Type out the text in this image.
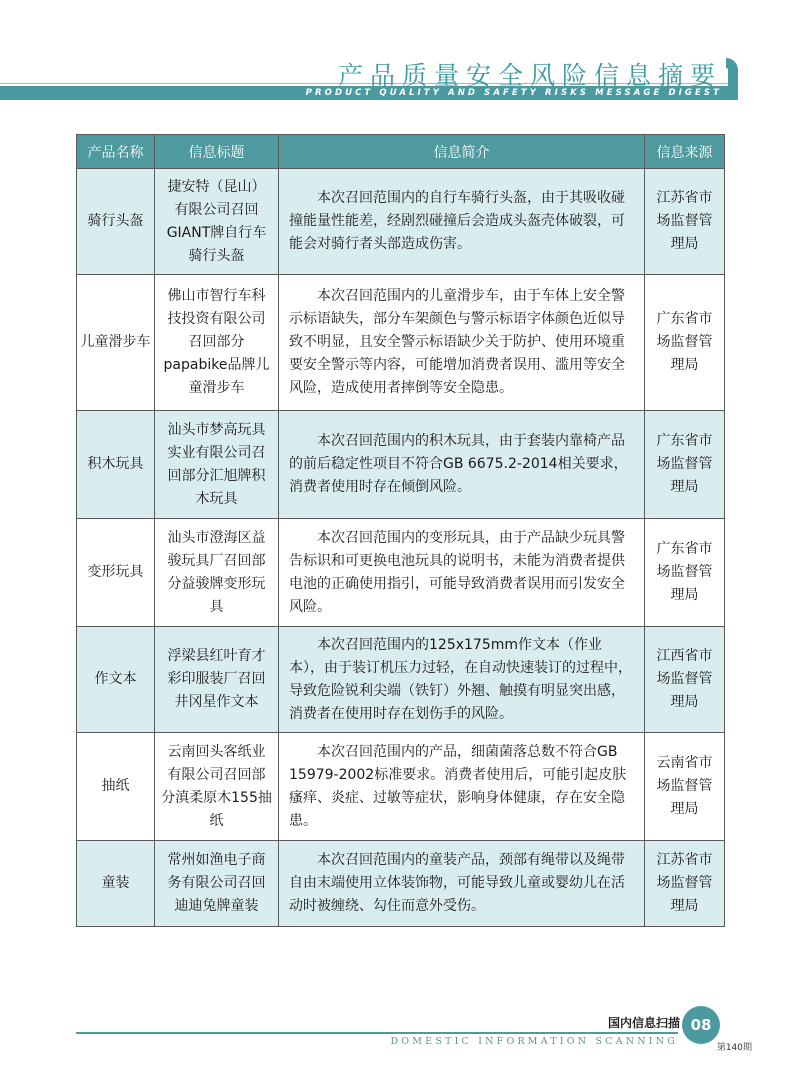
产品质量安全风险信息摘要
PRODUCT QUALITY AND SAFETY RISKS MESSAGE DIGEST
产品名称	信息标题	信息简介	信息来源
骑行头盔	捷安特（昆山）有限公司召回GIANT牌自行车骑行头盔	本次召回范围内的自行车骑行头盔，由于其吸收碰撞能量性能差，经剧烈碰撞后会造成头盔壳体破裂，可能会对骑行者头部造成伤害。	江苏省市场监督管理局
儿童滑步车	佛山市智行车科技投资有限公司召回部分papabike品牌儿童滑步车	本次召回范围内的儿童滑步车，由于车体上安全警示标语缺失，部分车架颜色与警示标语字体颜色近似导致不明显，且安全警示标语缺少关于防护、使用环境重要安全警示等内容，可能增加消费者误用、滥用等安全风险，造成使用者摔倒等安全隐患。	广东省市场监督管理局
积木玩具	汕头市梦高玩具实业有限公司召回部分汇旭牌积木玩具	本次召回范围内的积木玩具，由于套装内靠椅产品的前后稳定性项目不符合GB 6675.2-2014相关要求，消费者使用时存在倾倒风险。	广东省市场监督管理局
变形玩具	汕头市澄海区益骏玩具厂召回部分益骏牌变形玩具	本次召回范围内的变形玩具，由于产品缺少玩具警告标识和可更换电池玩具的说明书，未能为消费者提供电池的正确使用指引，可能导致消费者误用而引发安全风险。	广东省市场监督管理局
作文本	浮梁县红叶育才彩印服装厂召回井冈星作文本	本次召回范围内的125x175mm作文本（作业本），由于装订机压力过轻，在自动快速装订的过程中，导致危险锐利尖端（铁钉）外翘、触摸有明显突出感，消费者在使用时存在划伤手的风险。	江西省市场监督管理局
抽纸	云南回头客纸业有限公司召回部分滇柔原木155抽纸	本次召回范围内的产品，细菌菌落总数不符合GB 15979-2002标准要求。消费者使用后，可能引起皮肤瘙痒、炎症、过敏等症状，影响身体健康，存在安全隐患。	云南省市场监督管理局
童装	常州如渔电子商务有限公司召回迪迪兔牌童装	本次召回范围内的童装产品，颈部有绳带以及绳带自由末端使用立体装饰物，可能导致儿童或婴幼儿在活动时被缠绕、勾住而意外受伤。	江苏省市场监督管理局
国内信息扫描
DOMESTIC INFORMATION SCANNING
08
第140期
